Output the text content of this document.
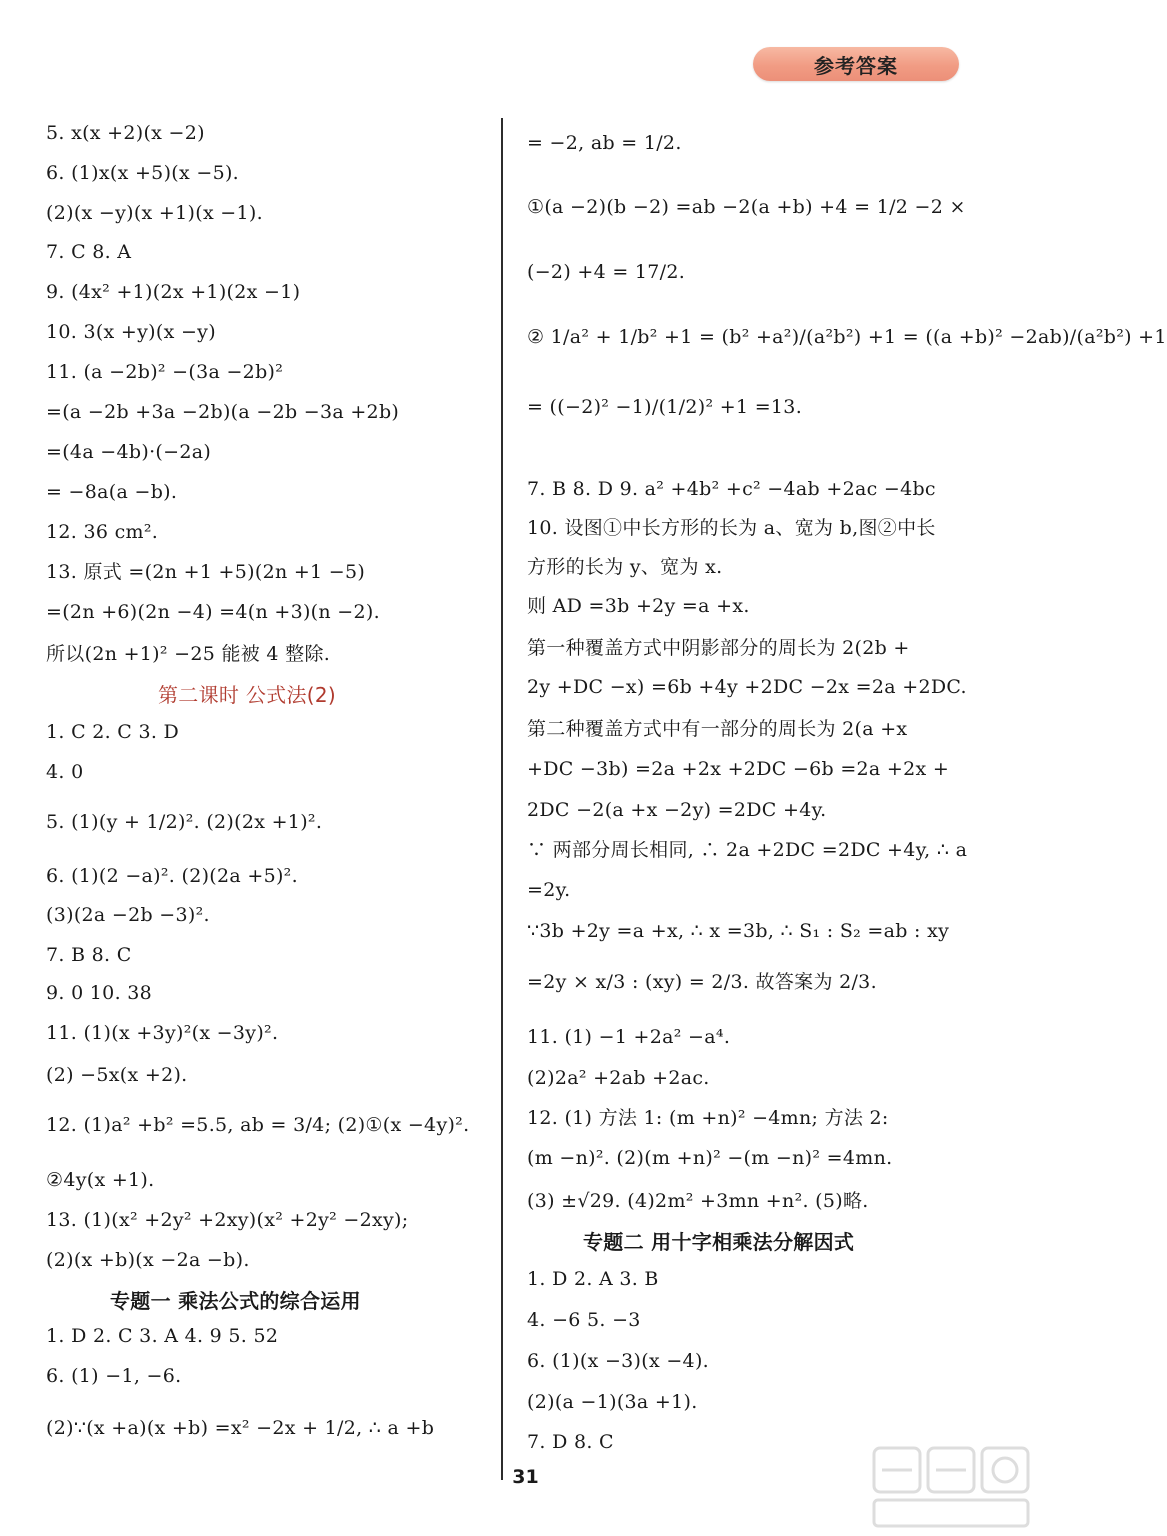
参考答案
5. x(x +2)(x −2)
6. (1)x(x +5)(x −5).
(2)(x −y)(x +1)(x −1).
7. C 8. A
9. (4x² +1)(2x +1)(2x −1)
10. 3(x +y)(x −y)
11. (a −2b)² −(3a −2b)²
=(a −2b +3a −2b)(a −2b −3a +2b)
=(4a −4b)·(−2a)
= −8a(a −b).
12. 36 cm².
13. 原式 =(2n +1 +5)(2n +1 −5)
=(2n +6)(2n −4) =4(n +3)(n −2).
所以(2n +1)² −25 能被 4 整除.
第二课时 公式法(2)
1. C 2. C 3. D
4. 0
5. (1)(y + 1/2)². (2)(2x +1)².
6. (1)(2 −a)². (2)(2a +5)².
(3)(2a −2b −3)².
7. B 8. C
9. 0 10. 38
11. (1)(x +3y)²(x −3y)².
(2) −5x(x +2).
12. (1)a² +b² =5.5, ab = 3/4; (2)①(x −4y)².
②4y(x +1).
13. (1)(x² +2y² +2xy)(x² +2y² −2xy);
(2)(x +b)(x −2a −b).
专题一 乘法公式的综合运用
1. D 2. C 3. A 4. 9 5. 52
6. (1) −1, −6.
(2)∵(x +a)(x +b) =x² −2x + 1/2, ∴ a +b
= −2, ab = 1/2.
①(a −2)(b −2) =ab −2(a +b) +4 = 1/2 −2 ×
(−2) +4 = 17/2.
② 1/a² + 1/b² +1 = (b² +a²)/(a²b²) +1 = ((a +b)² −2ab)/(a²b²) +1
= ((−2)² −1)/(1/2)² +1 =13.
7. B 8. D 9. a² +4b² +c² −4ab +2ac −4bc
10. 设图①中长方形的长为 a、宽为 b,图②中长
方形的长为 y、宽为 x.
则 AD =3b +2y =a +x.
第一种覆盖方式中阴影部分的周长为 2(2b +
2y +DC −x) =6b +4y +2DC −2x =2a +2DC.
第二种覆盖方式中有一部分的周长为 2(a +x
+DC −3b) =2a +2x +2DC −6b =2a +2x +
2DC −2(a +x −2y) =2DC +4y.
∵ 两部分周长相同, ∴ 2a +2DC =2DC +4y, ∴ a
=2y.
∵3b +2y =a +x, ∴ x =3b, ∴ S₁ : S₂ =ab : xy
=2y × x/3 : (xy) = 2/3. 故答案为 2/3.
11. (1) −1 +2a² −a⁴.
(2)2a² +2ab +2ac.
12. (1) 方法 1: (m +n)² −4mn; 方法 2:
(m −n)². (2)(m +n)² −(m −n)² =4mn.
(3) ±√29. (4)2m² +3mn +n². (5)略.
专题二 用十字相乘法分解因式
1. D 2. A 3. B
4. −6 5. −3
6. (1)(x −3)(x −4).
(2)(a −1)(3a +1).
7. D 8. C
31
